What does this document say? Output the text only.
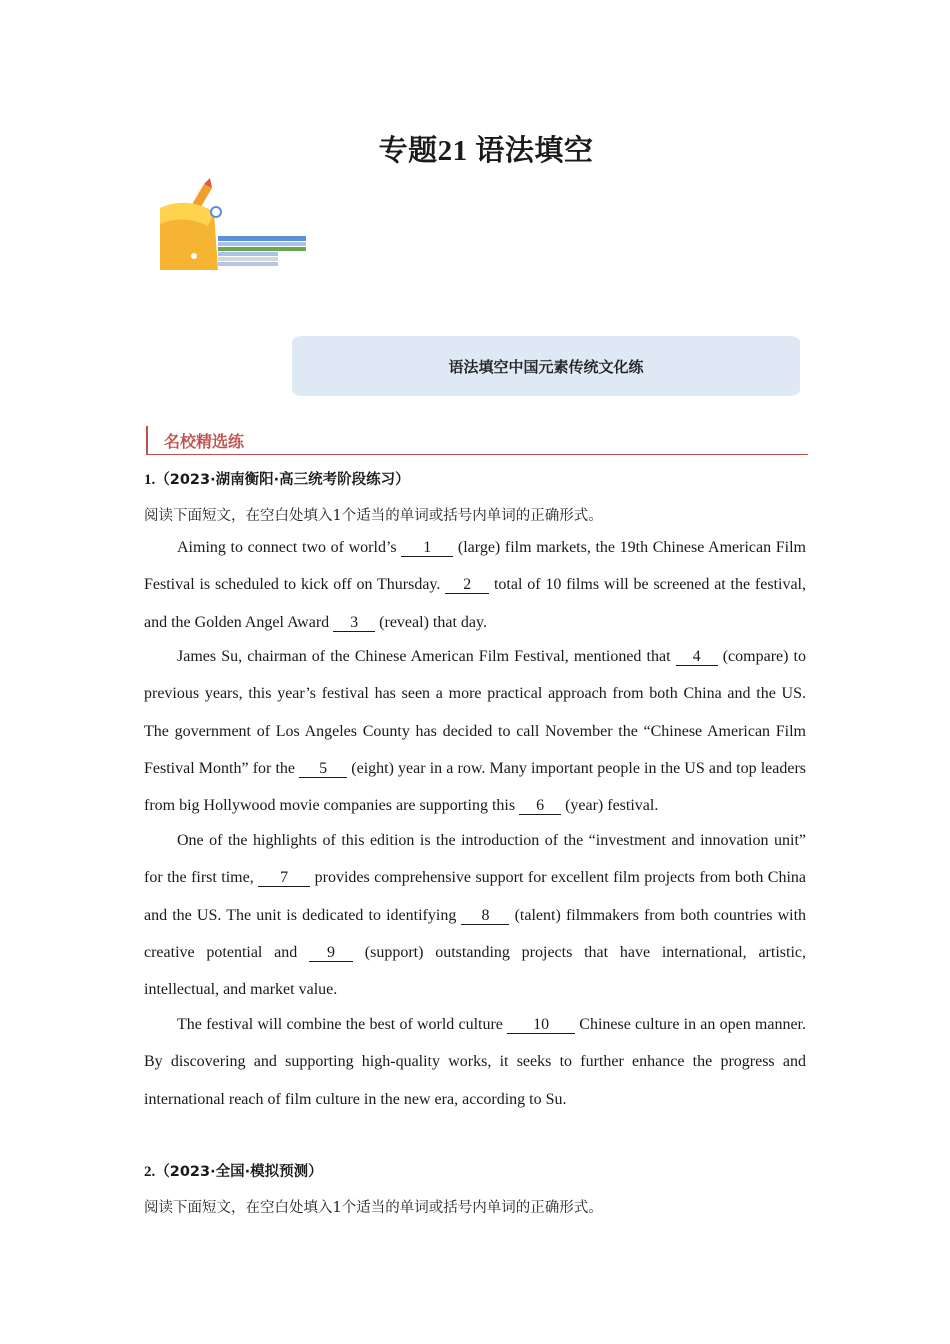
专题21 语法填空
语法填空中国元素传统文化练
名校精选练
1.（2023·湖南衡阳·高三统考阶段练习）
阅读下面短文，在空白处填入1个适当的单词或括号内单词的正确形式。

Aiming to connect two of world’s 1 (large) film markets, the 19th Chinese American Film Festival is scheduled to kick off on Thursday. 2 total of 10 films will be screened at the festival, and the Golden Angel Award 3 (reveal) that day.

James Su, chairman of the Chinese American Film Festival, mentioned that 4 (compare) to previous years, this year’s festival has seen a more practical approach from both China and the US. The government of Los Angeles County has decided to call November the “Chinese American Film Festival Month” for the 5 (eight) year in a row. Many important people in the US and top leaders from big Hollywood movie companies are supporting this 6 (year) festival.

One of the highlights of this edition is the introduction of the “investment and innovation unit” for the first time, 7 provides comprehensive support for excellent film projects from both China and the US. The unit is dedicated to identifying 8 (talent) filmmakers from both countries with creative potential and 9 (support) outstanding projects that have international, artistic, intellectual, and market value.

The festival will combine the best of world culture 10 Chinese culture in an open manner. By discovering and supporting high-quality works, it seeks to further enhance the progress and international reach of film culture in the new era, according to Su.

2.（2023·全国·模拟预测）
阅读下面短文，在空白处填入1个适当的单词或括号内单词的正确形式。
